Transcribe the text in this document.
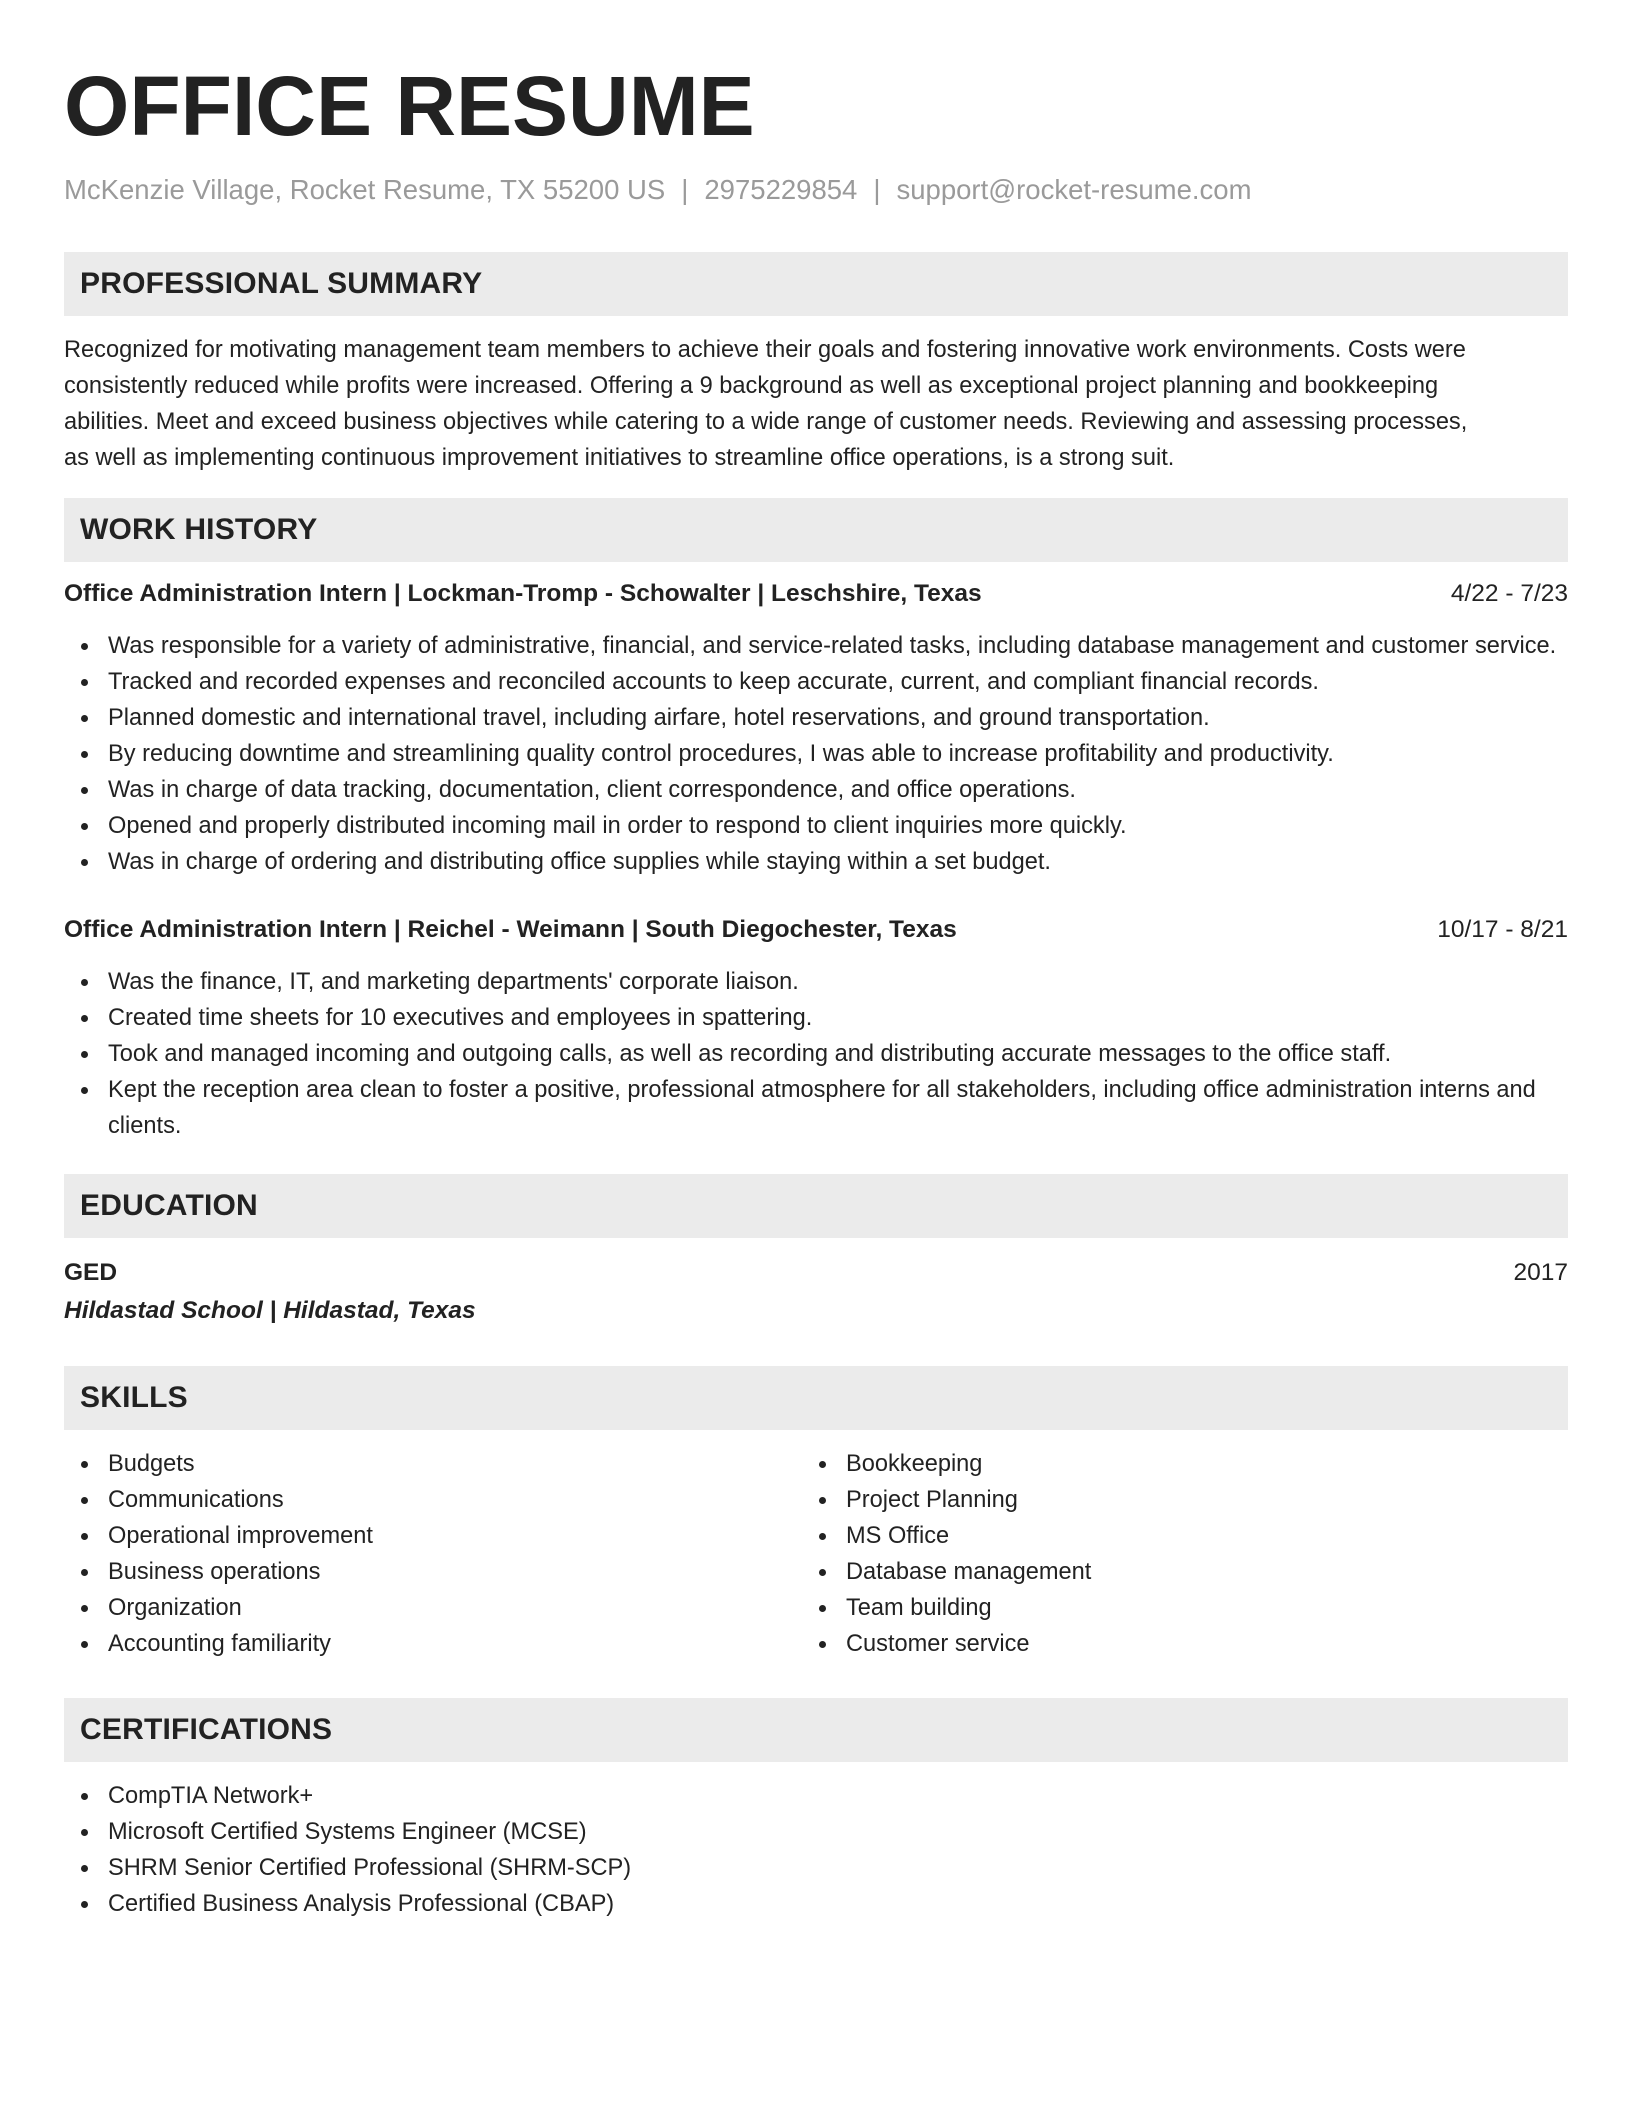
OFFICE RESUME
McKenzie Village, Rocket Resume, TX 55200 US | 2975229854 | support@rocket-resume.com
PROFESSIONAL SUMMARY
Recognized for motivating management team members to achieve their goals and fostering innovative work environments. Costs were
consistently reduced while profits were increased. Offering a 9 background as well as exceptional project planning and bookkeeping
abilities. Meet and exceed business objectives while catering to a wide range of customer needs. Reviewing and assessing processes,
as well as implementing continuous improvement initiatives to streamline office operations, is a strong suit.
WORK HISTORY
Office Administration Intern | Lockman-Tromp - Schowalter | Leschshire, Texas	4/22 - 7/23
Was responsible for a variety of administrative, financial, and service-related tasks, including database management and customer service.
Tracked and recorded expenses and reconciled accounts to keep accurate, current, and compliant financial records.
Planned domestic and international travel, including airfare, hotel reservations, and ground transportation.
By reducing downtime and streamlining quality control procedures, I was able to increase profitability and productivity.
Was in charge of data tracking, documentation, client correspondence, and office operations.
Opened and properly distributed incoming mail in order to respond to client inquiries more quickly.
Was in charge of ordering and distributing office supplies while staying within a set budget.
Office Administration Intern | Reichel - Weimann | South Diegochester, Texas	10/17 - 8/21
Was the finance, IT, and marketing departments' corporate liaison.
Created time sheets for 10 executives and employees in spattering.
Took and managed incoming and outgoing calls, as well as recording and distributing accurate messages to the office staff.
Kept the reception area clean to foster a positive, professional atmosphere for all stakeholders, including office administration interns and clients.
EDUCATION
GED	2017
Hildastad School | Hildastad, Texas
SKILLS
Budgets
Communications
Operational improvement
Business operations
Organization
Accounting familiarity
Bookkeeping
Project Planning
MS Office
Database management
Team building
Customer service
CERTIFICATIONS
CompTIA Network+
Microsoft Certified Systems Engineer (MCSE)
SHRM Senior Certified Professional (SHRM-SCP)
Certified Business Analysis Professional (CBAP)
